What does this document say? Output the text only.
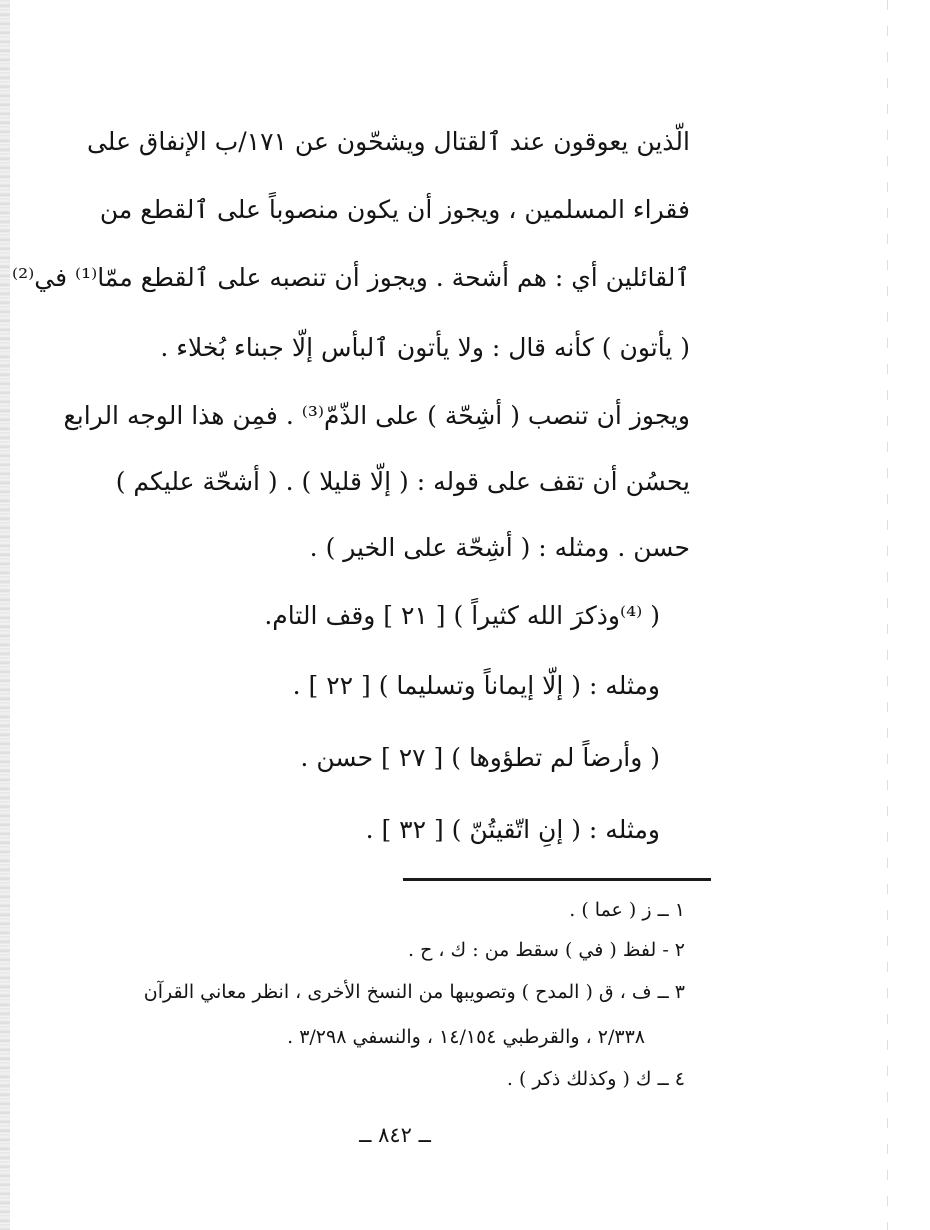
الّذين يعوقون عند ٱلقتال ويشحّون عن ١٧١/ب الإنفاق على
فقراء المسلمين ، ويجوز أن يكون منصوباً على ٱلقطع من
ٱلقائلين أي : هم أشحة . ويجوز أن تنصبه على ٱلقطع ممّا⁽¹⁾ في⁽²⁾
( يأتون ) كأنه قال : ولا يأتون ٱلبأس إلّا جبناء بُخلاء .
ويجوز أن تنصب ( أشِحّة ) على الذّمّ⁽³⁾ . فمِن هذا الوجه الرابع
يحسُن أن تقف على قوله : ( إلّا قليلا ) . ( أشحّة عليكم )
حسن . ومثله : ( أشِحّة على الخير ) .
( ⁽⁴⁾وذكرَ الله كثيراً ) [ ٢١ ] وقف التام.
ومثله : ( إلّا إيماناً وتسليما ) [ ٢٢ ] .
( وأرضاً لم تطؤوها ) [ ٢٧ ] حسن .
ومثله : ( إنِ اتّقيتُنّ ) [ ٣٢ ] .
١ ــ ز ( عما ) .
٢ - لفظ ( في ) سقط من : ك ، ح .
٣ ــ ف ، ق ( المدح ) وتصويبها من النسخ الأخرى ، انظر معاني القرآن
٢/٣٣٨ ، والقرطبي ١٤/١٥٤ ، والنسفي ٣/٢٩٨ .
٤ ــ ك ( وكذلك ذكر ) .
ــ ٨٤٢ ــ
